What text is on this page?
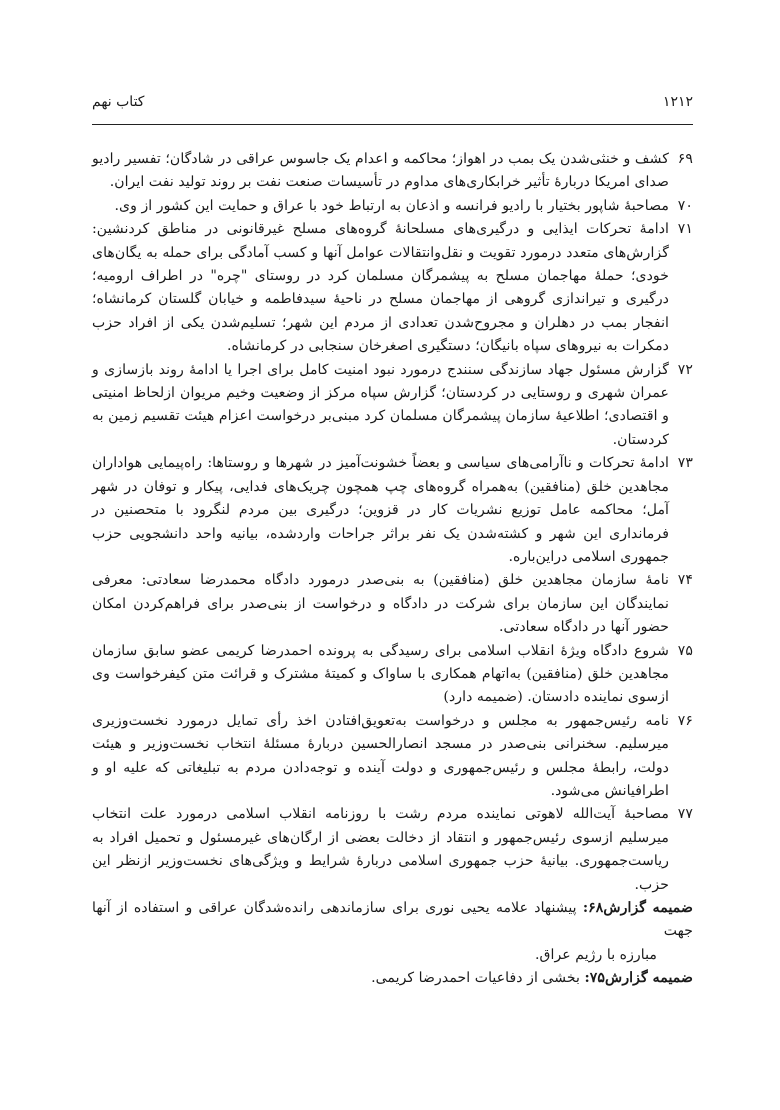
۱۲۱۲
کتاب نهم
۶۹
کشف و خنثی‌شدن یک بمب در اهواز؛ محاکمه و اعدام یک جاسوس عراقی در شادگان؛ تفسیر رادیو صدای امریکا دربارهٔ تأثیر خرابکاری‌های مداوم در تأسیسات صنعت نفت بر روند تولید نفت ایران.
۷۰
مصاحبهٔ شاپور بختیار با رادیو فرانسه و اذعان به ارتباط خود با عراق و حمایت این کشور از وی.
۷۱
ادامهٔ تحرکات ایذایی و درگیری‌های مسلحانهٔ گروه‌های مسلح غیرقانونی در مناطق کردنشین: گزارش‌های متعدد درمورد تقویت و نقل‌وانتقالات عوامل آنها و کسب آمادگی برای حمله به یگان‌های خودی؛ حملهٔ مهاجمان مسلح به پیشمرگان مسلمان کرد در روستای "چره" در اطراف ارومیه؛ درگیری و تیراندازی گروهی از مهاجمان مسلح در ناحیهٔ سیدفاطمه و خیابان گلستان کرمانشاه؛ انفجار بمب در دهلران و مجروح‌شدن تعدادی از مردم این شهر؛ تسلیم‌شدن یکی از افراد حزب دمکرات به نیروهای سپاه بانیگان؛ دستگیری اصغرخان سنجابی در کرمانشاه.
۷۲
گزارش مسئول جهاد سازندگی سنندج درمورد نبود امنیت کامل برای اجرا یا ادامهٔ روند بازسازی و عمران شهری و روستایی در کردستان؛ گزارش سپاه مرکز از وضعیت وخیم مریوان ازلحاظ امنیتی و اقتصادی؛ اطلاعیهٔ سازمان پیشمرگان مسلمان کرد مبنی‌بر درخواست اعزام هیئت تقسیم زمین به کردستان.
۷۳
ادامهٔ تحرکات و ناآرامی‌های سیاسی و بعضاً خشونت‌آمیز در شهرها و روستاها: راه‌پیمایی هواداران مجاهدین خلق (منافقین) به‌همراه گروه‌های چپ همچون چریک‌های فدایی، پیکار و توفان در شهر آمل؛ محاکمه عامل توزیع نشریات کار در قزوین؛ درگیری بین مردم لنگرود با متحصنین در فرمانداری این شهر و کشته‌شدن یک نفر براثر جراحات واردشده، بیانیه واحد دانشجویی حزب جمهوری اسلامی دراین‌باره.
۷۴
نامهٔ سازمان مجاهدین خلق (منافقین) به بنی‌صدر درمورد دادگاه محمدرضا سعادتی: معرفی نمایندگان این سازمان برای شرکت در دادگاه و درخواست از بنی‌صدر برای فراهم‌کردن امکان حضور آنها در دادگاه سعادتی.
۷۵
شروع دادگاه ویژهٔ انقلاب اسلامی برای رسیدگی به پرونده احمدرضا کریمی عضو سابق سازمان مجاهدین خلق (منافقین) به‌اتهام همکاری با ساواک و کمیتهٔ مشترک و قرائت متن کیفرخواست وی ازسوی نماینده دادستان. (ضمیمه دارد)
۷۶
نامه رئیس‌جمهور به مجلس و درخواست به‌تعویق‌افتادن اخذ رأی تمایل درمورد نخست‌وزیری میرسلیم. سخنرانی بنی‌صدر در مسجد انصارالحسین دربارهٔ مسئلهٔ انتخاب نخست‌وزیر و هیئت دولت، رابطهٔ مجلس و رئیس‌جمهوری و دولت آینده و توجه‌دادن مردم به تبلیغاتی که علیه او و اطرافیانش می‌شود.
۷۷
مصاحبهٔ آیت‌الله لاهوتی نماینده مردم رشت با روزنامه انقلاب اسلامی درمورد علت انتخاب میرسلیم ازسوی رئیس‌جمهور و انتقاد از دخالت بعضی از ارگان‌های غیرمسئول و تحمیل افراد به ریاست‌جمهوری. بیانیهٔ حزب جمهوری اسلامی دربارهٔ شرایط و ویژگی‌های نخست‌وزیر ازنظر این حزب.
ضمیمه گزارش۶۸: پیشنهاد علامه یحیی نوری برای سازماندهی رانده‌شدگان عراقی و استفاده از آنها جهت
مبارزه با رژیم عراق.
ضمیمه گزارش۷۵: بخشی از دفاعیات احمدرضا کریمی.
